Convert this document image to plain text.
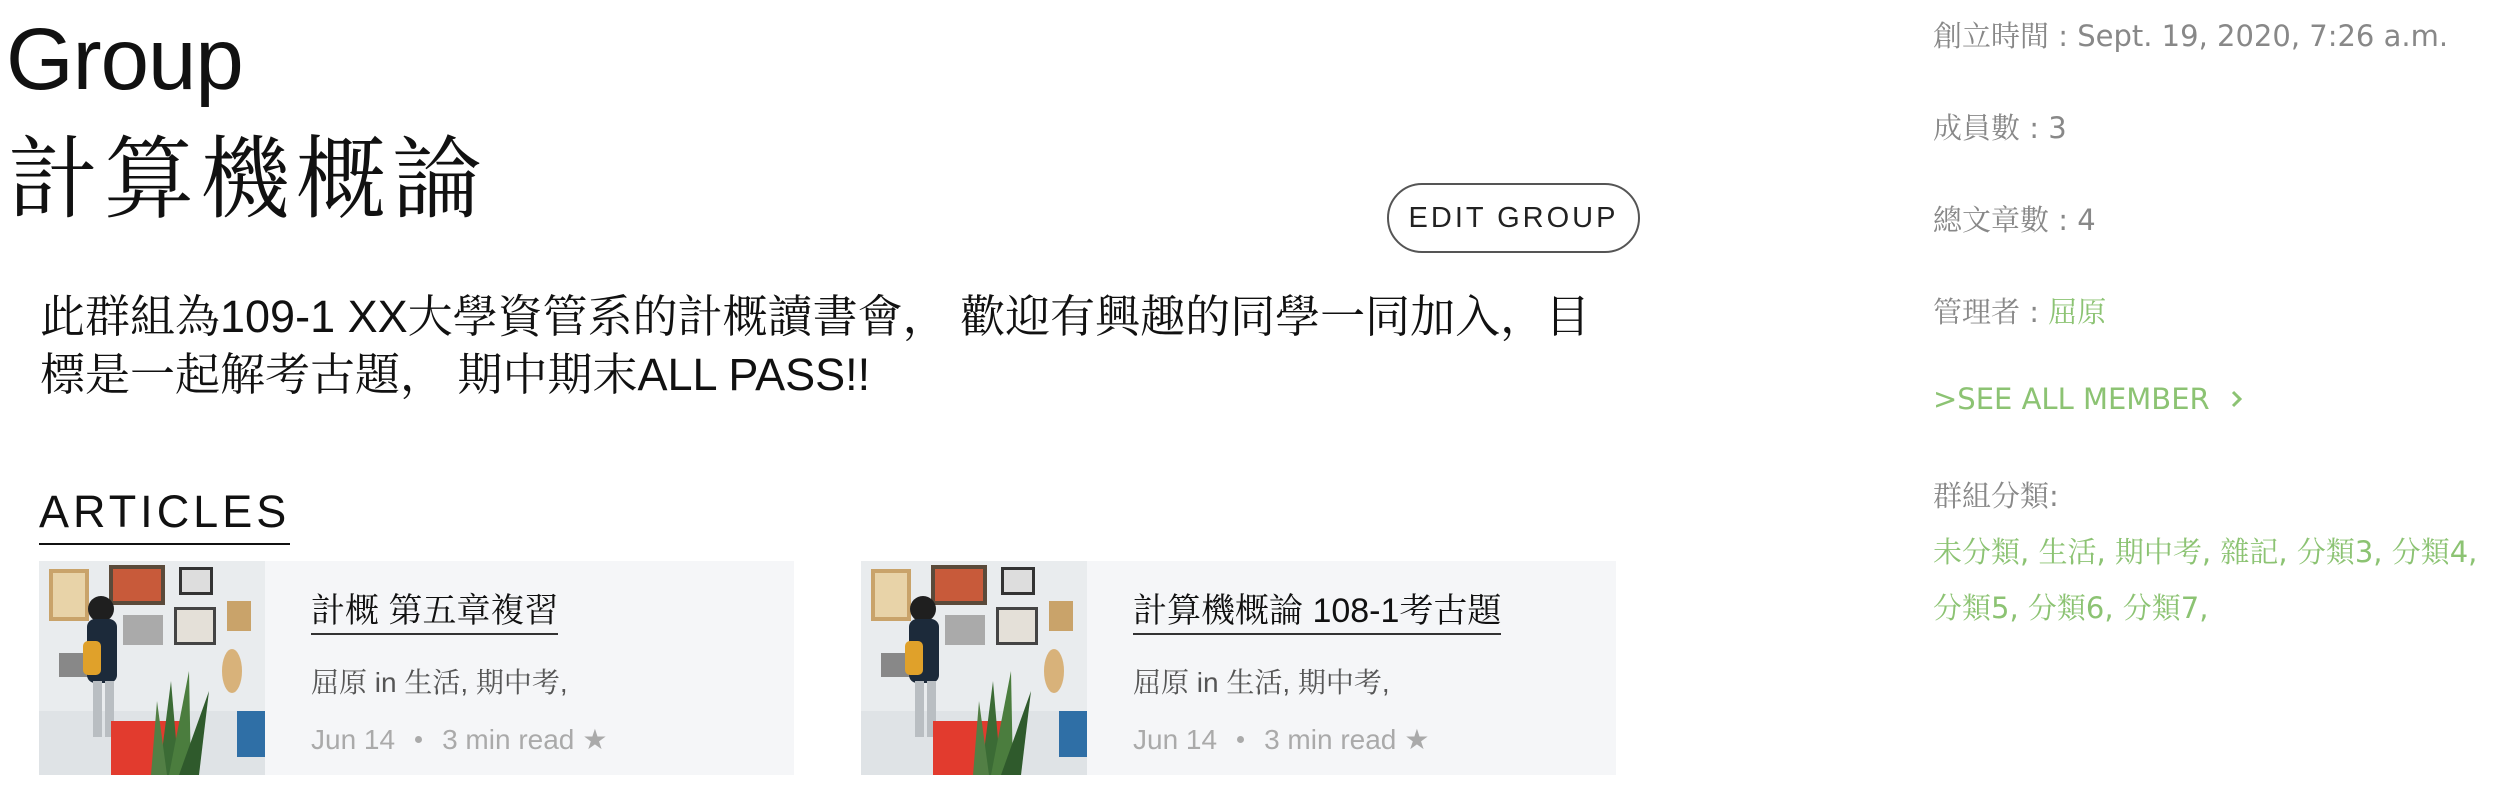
Group
計算機概論	EDIT GROUP

此群組為109-1 XX大學資管系的計概讀書會， 歡迎有興趣的同學一同加入，目標是一起解考古題， 期中期末ALL PASS!!

ARTICLES
計概 第五章複習
屈原 in 生活, 期中考,
Jun 14 3 min read ★
計算機概論 108-1考古題
屈原 in 生活, 期中考,
Jun 14 3 min read ★
創立時間 : Sept. 19, 2020, 7:26 a.m.
成員數 : 3
總文章數 : 4
管理者 : 屈原
>SEE ALL MEMBER
群組分類:
未分類, 生活, 期中考, 雜記, 分類3, 分類4, 分類5, 分類6, 分類7,
